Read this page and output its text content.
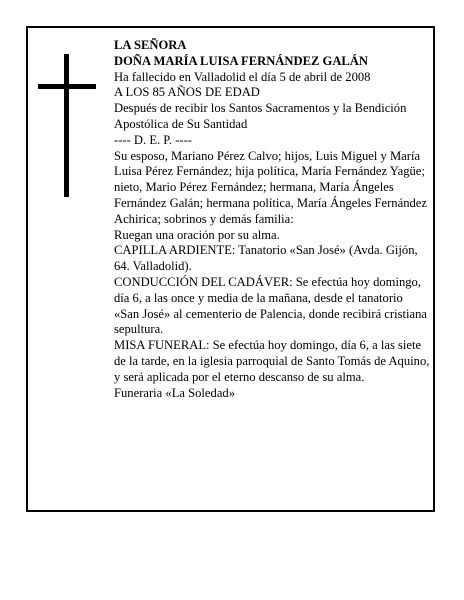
LA SEÑORA

DOÑA MARÍA LUISA FERNÁNDEZ GALÁN

Ha fallecido en Valladolid el día 5 de abril de 2008

A LOS 85 AÑOS DE EDAD

Después de recibir los Santos Sacramentos y la Bendición Apostólica de Su Santidad

---- D. E. P. ----

Su esposo, Mariano Pérez Calvo; hijos, Luis Miguel y María Luisa Pérez Fernández; hija política, María Fernández Yagüe; nieto, Mario Pérez Fernández; hermana, María Ángeles Fernández Galán; hermana política, María Ángeles Fernández Achirica; sobrinos y demás familia:

Ruegan una oración por su alma.

CAPILLA ARDIENTE: Tanatorio «San José» (Avda. Gijón, 64. Valladolid).

CONDUCCIÓN DEL CADÁVER: Se efectúa hoy domingo, día 6, a las once y media de la mañana, desde el tanatorio «San José» al cementerio de Palencia, donde recibirá cristiana sepultura.

MISA FUNERAL: Se efectúa hoy domingo, día 6, a las siete de la tarde, en la iglesia parroquial de Santo Tomás de Aquino, y será aplicada por el eterno descanso de su alma.

Funeraria «La Soledad»
